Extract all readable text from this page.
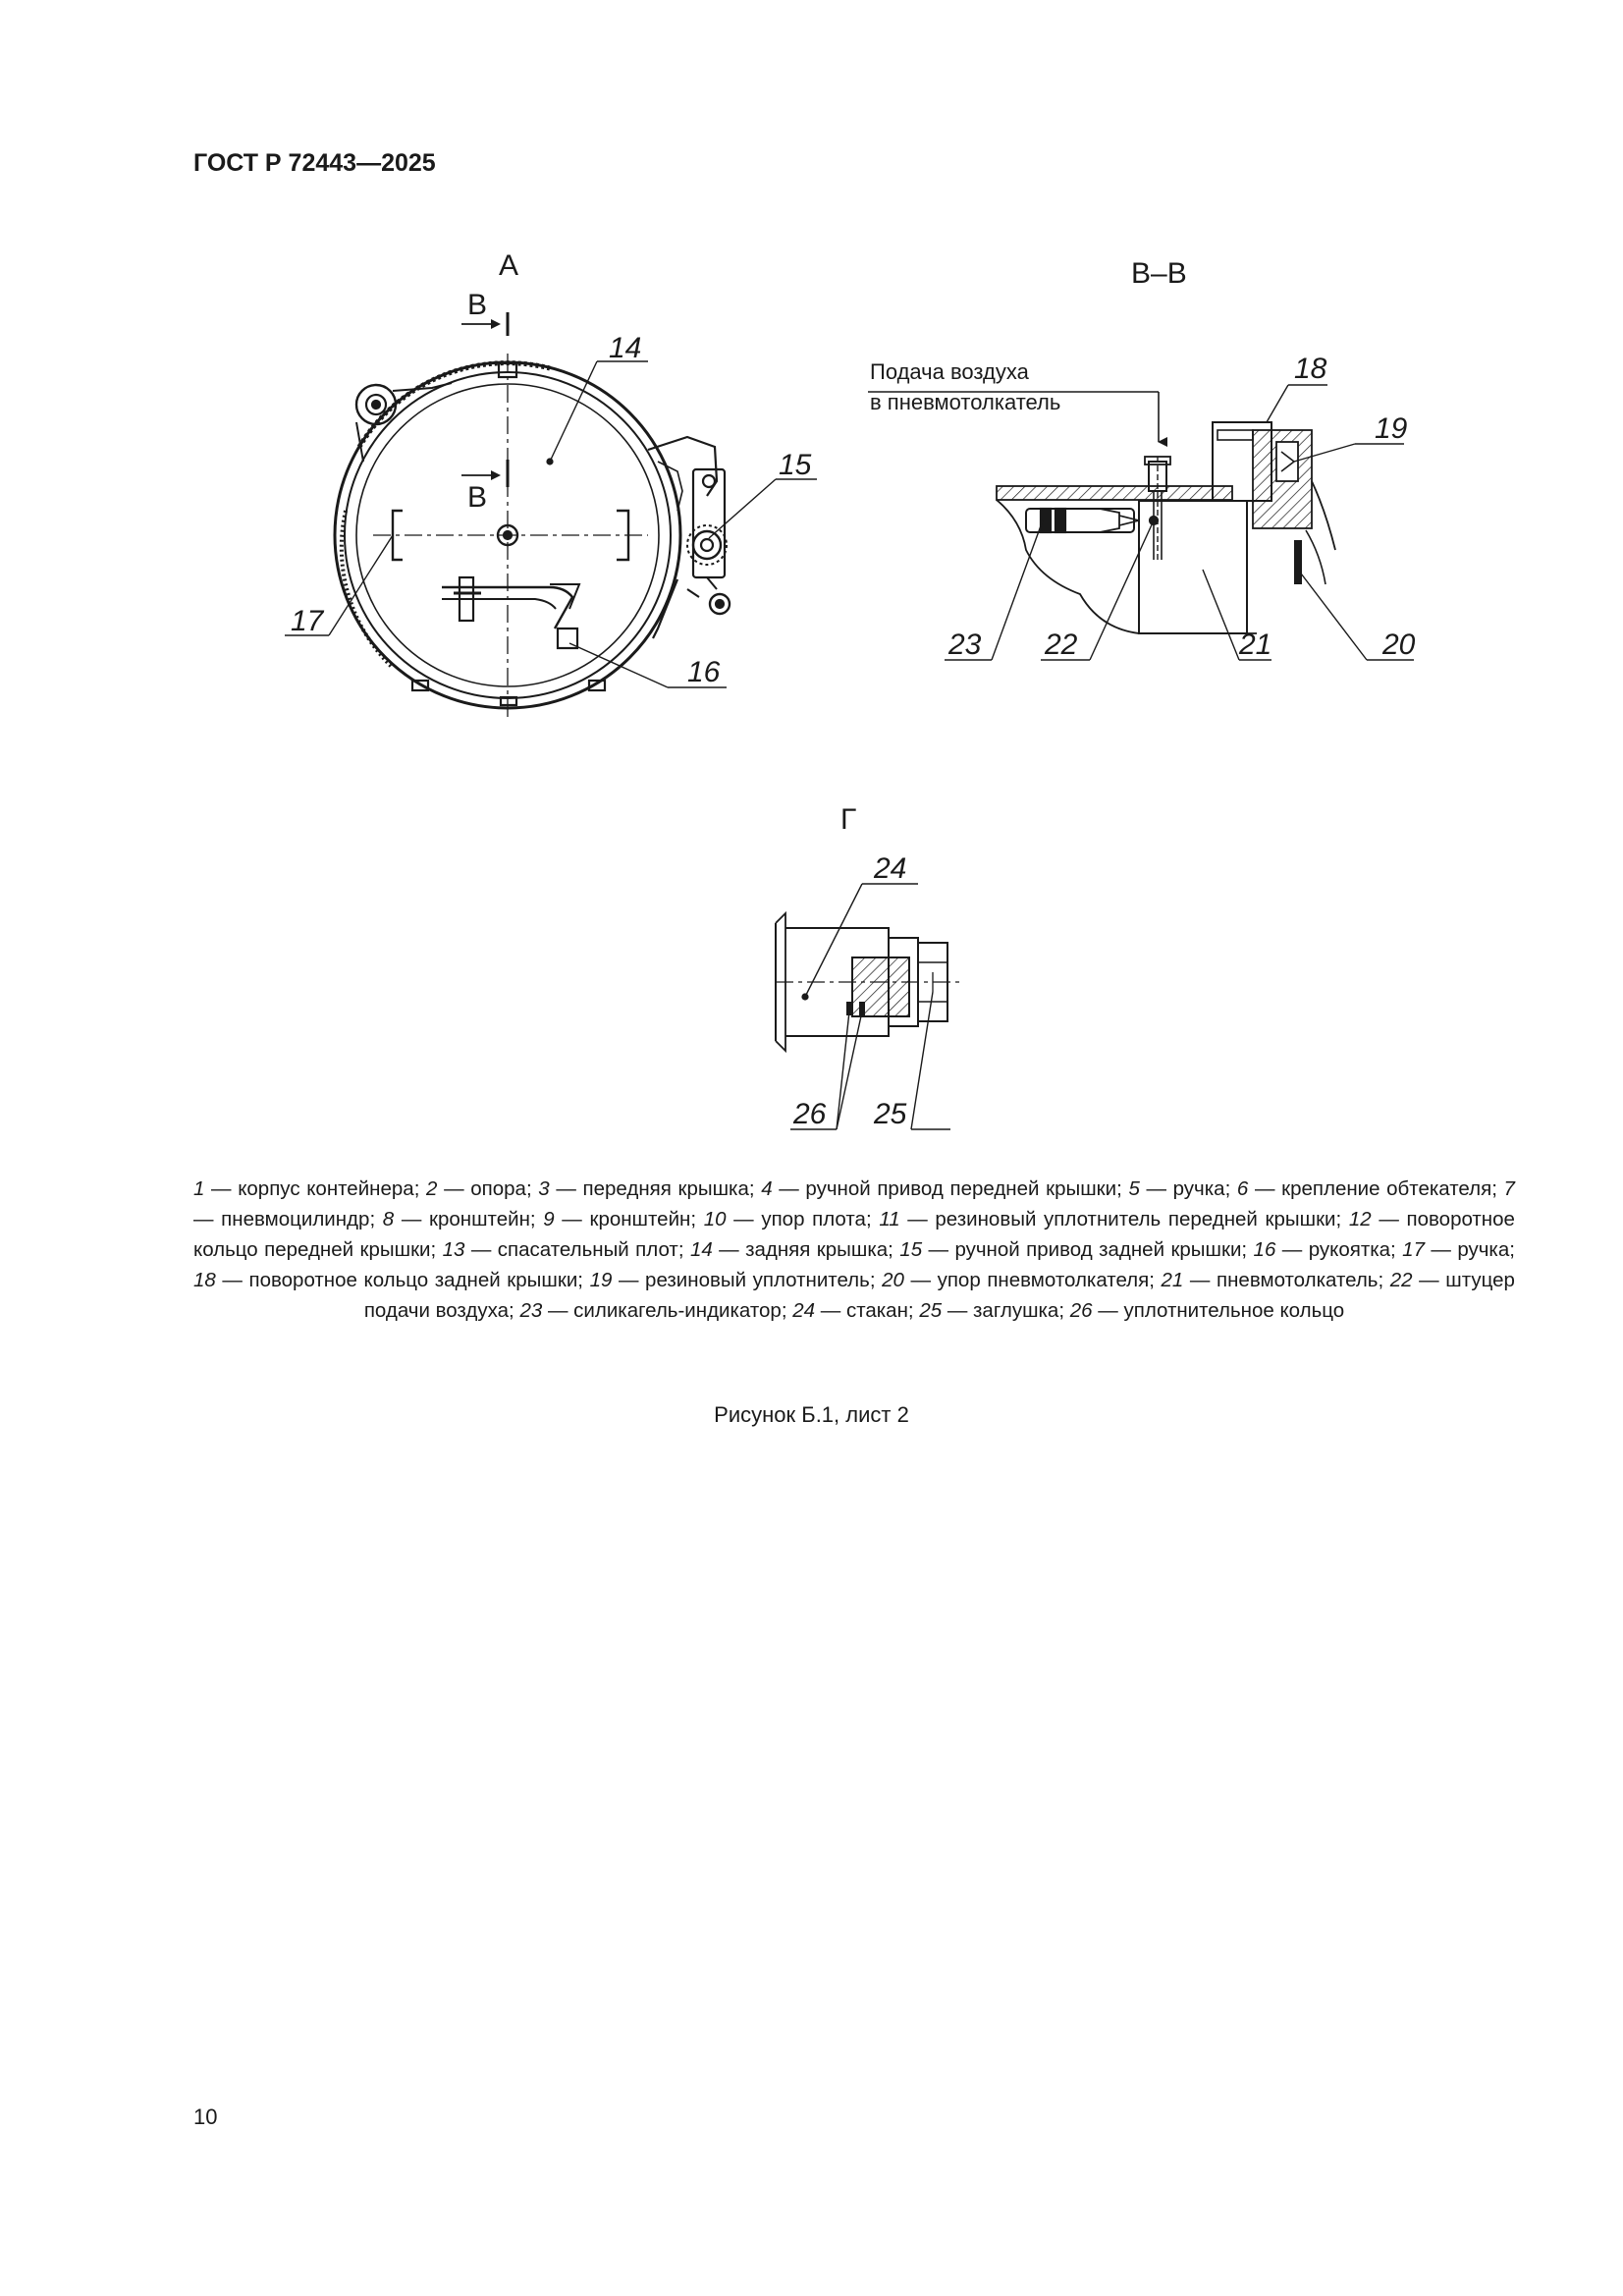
ГОСТ Р 72443—2025
А
В
В
14
15
17
16
В–В
Подача воздуха
в пневмотолкатель
18
19
23 22	21	20
Г
24
26 25
1 — корпус контейнера; 2 — опора; 3 — передняя крышка; 4 — ручной привод передней крышки; 5 — ручка; 6 — крепление обтекателя; 7 — пневмоцилиндр; 8 — кронштейн; 9 — кронштейн; 10 — упор плота; 11 — резиновый уплотнитель передней крышки; 12 — поворотное кольцо передней крышки; 13 — спасательный плот; 14 — задняя крышка; 15 — ручной привод задней крышки; 16 — рукоятка; 17 — ручка; 18 — поворотное кольцо задней крышки; 19 — резиновый уплотнитель; 20 — упор пневмотолкателя; 21 — пневмотолкатель; 22 — штуцер подачи воздуха; 23 — силикагель-индикатор; 24 — стакан; 25 — заглушка; 26 — уплотнительное кольцо
Рисунок Б.1, лист 2
10
